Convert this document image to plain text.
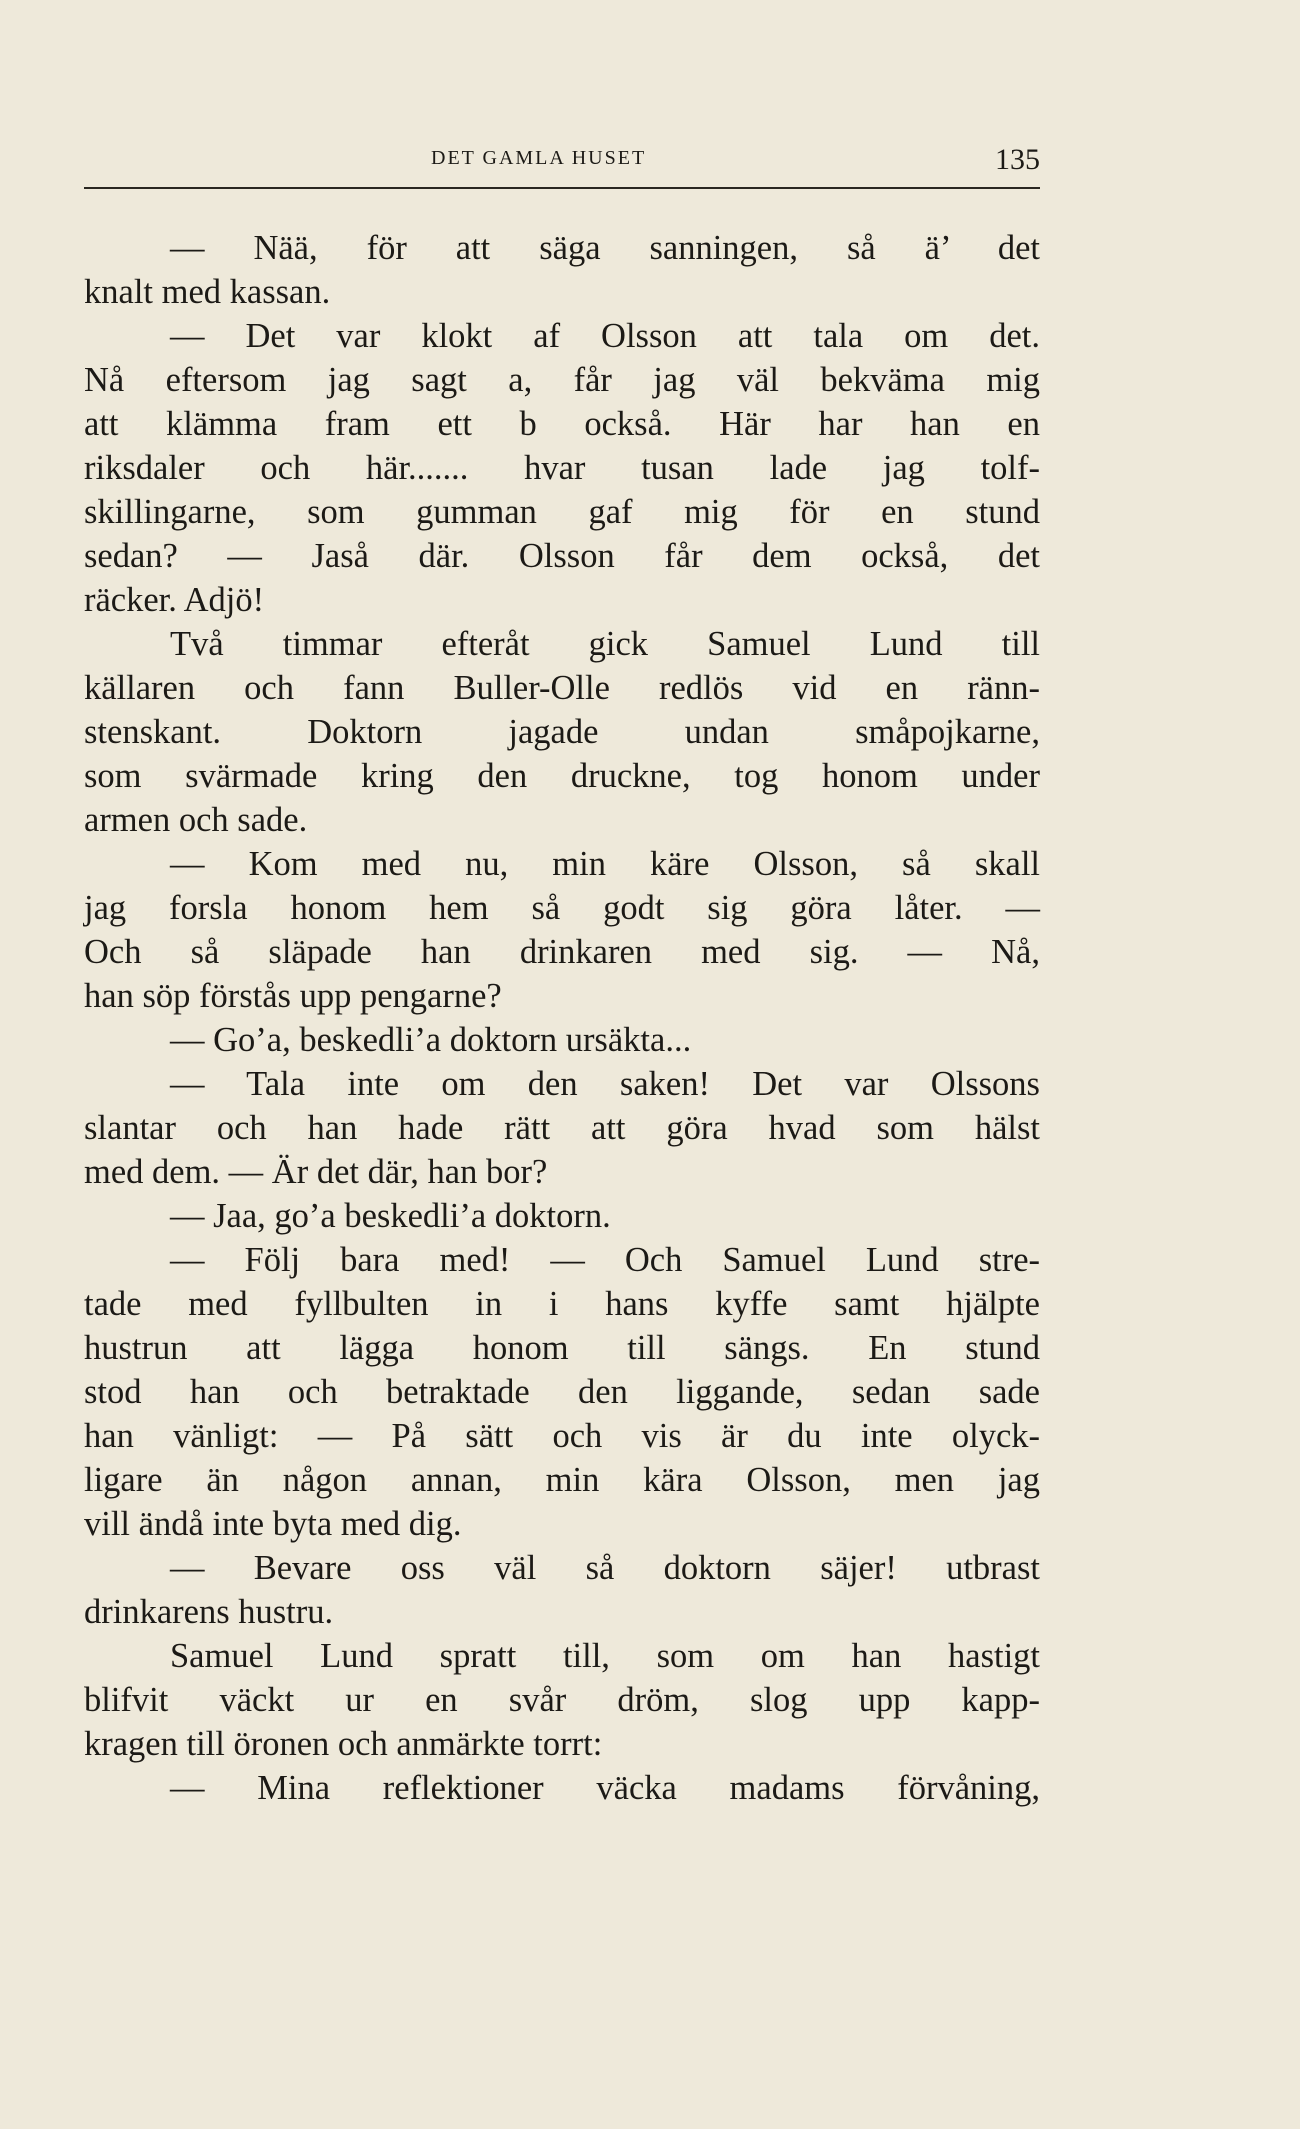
DET GAMLA HUSET	135
— Nää, för att säga sanningen, så ä’ det
knalt med kassan.
— Det var klokt af Olsson att tala om det.
Nå eftersom jag sagt a, får jag väl bekväma mig
att klämma fram ett b också. Här har han en
riksdaler och här....... hvar tusan lade jag tolf-
skillingarne, som gumman gaf mig för en stund
sedan? — Jaså där. Olsson får dem också, det
räcker. Adjö!
Två timmar efteråt gick Samuel Lund till
källaren och fann Buller-Olle redlös vid en ränn-
stenskant. Doktorn jagade undan småpojkarne,
som svärmade kring den druckne, tog honom under
armen och sade.
— Kom med nu, min käre Olsson, så skall
jag forsla honom hem så godt sig göra låter. —
Och så släpade han drinkaren med sig. — Nå,
han söp förstås upp pengarne?
— Go’a, beskedli’a doktorn ursäkta...
— Tala inte om den saken! Det var Olssons
slantar och han hade rätt att göra hvad som hälst
med dem. — Är det där, han bor?
— Jaa, go’a beskedli’a doktorn.
— Följ bara med! — Och Samuel Lund stre-
tade med fyllbulten in i hans kyffe samt hjälpte
hustrun att lägga honom till sängs. En stund
stod han och betraktade den liggande, sedan sade
han vänligt: — På sätt och vis är du inte olyck-
ligare än någon annan, min kära Olsson, men jag
vill ändå inte byta med dig.
— Bevare oss väl så doktorn säjer! utbrast
drinkarens hustru.
Samuel Lund spratt till, som om han hastigt
blifvit väckt ur en svår dröm, slog upp kapp-
kragen till öronen och anmärkte torrt:
— Mina reflektioner väcka madams förvåning,
